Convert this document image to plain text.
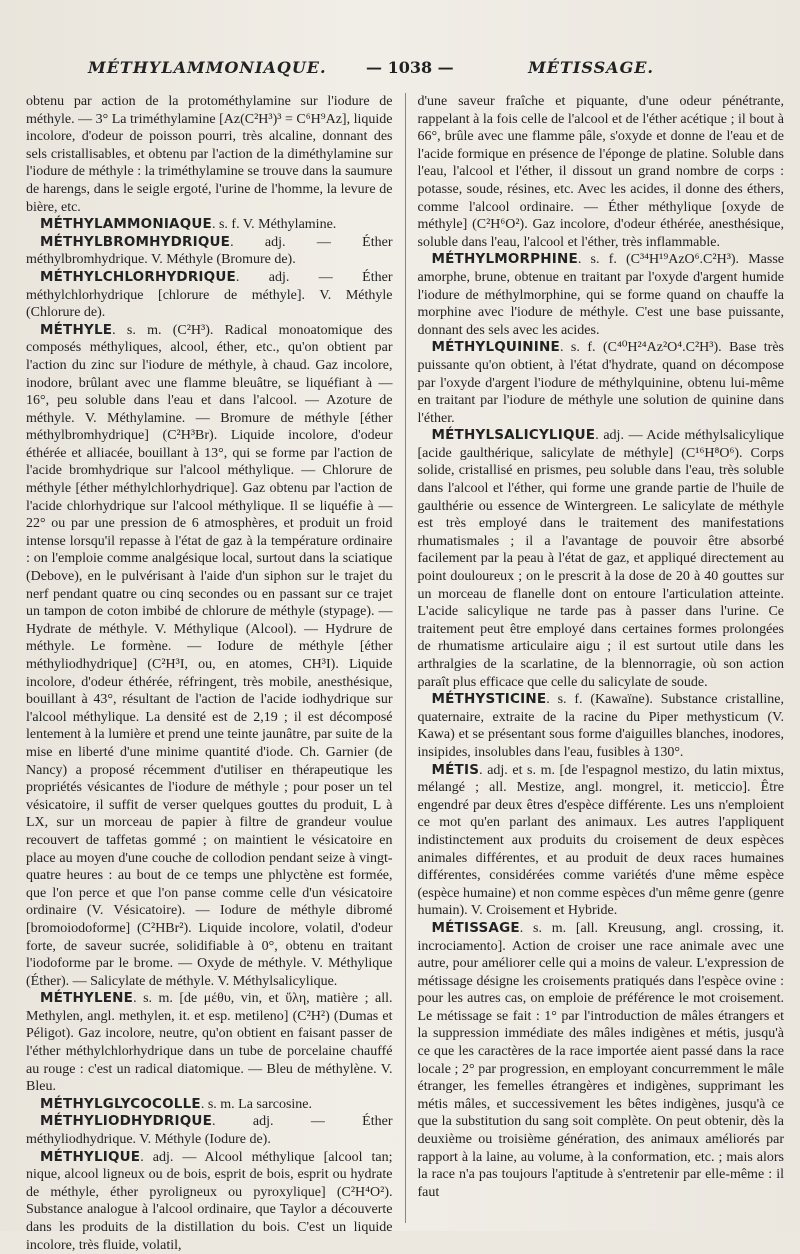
MÉTHYLAMMONIAQUE. — 1038 —	MÉTISSAGE.

obtenu par action de la protométhylamine sur l'iodure de méthyle. — 3° La triméthylamine [Az(C²H³)³ = C⁶H⁹Az], liquide incolore, d'odeur de poisson pourri, très alcaline, donnant des sels cristallisables, et obtenu par l'action de la diméthylamine sur l'iodure de méthyle : la triméthylamine se trouve dans la saumure de harengs, dans le seigle ergoté, l'urine de l'homme, la levure de bière, etc.

MÉTHYLAMMONIAQUE. s. f. V. Méthylamine.

MÉTHYLBROMHYDRIQUE. adj. — Éther méthylbromhydrique. V. Méthyle (Bromure de).

MÉTHYLCHLORHYDRIQUE. adj. — Éther méthylchlorhydrique [chlorure de méthyle]. V. Méthyle (Chlorure de).

MÉTHYLE. s. m. (C²H³). Radical monoatomique des composés méthyliques, alcool, éther, etc., qu'on obtient par l'action du zinc sur l'iodure de méthyle, à chaud. Gaz incolore, inodore, brûlant avec une flamme bleuâtre, se liquéfiant à — 16°, peu soluble dans l'eau et dans l'alcool. — Azoture de méthyle. V. Méthylamine. — Bromure de méthyle [éther méthylbromhydrique] (C²H³Br). Liquide incolore, d'odeur éthérée et alliacée, bouillant à 13°, qui se forme par l'action de l'acide bromhydrique sur l'alcool méthylique. — Chlorure de méthyle [éther méthylchlorhydrique]. Gaz obtenu par l'action de l'acide chlorhydrique sur l'alcool méthylique. Il se liquéfie à — 22° ou par une pression de 6 atmosphères, et produit un froid intense lorsqu'il repasse à l'état de gaz à la température ordinaire : on l'emploie comme analgésique local, surtout dans la sciatique (Debove), en le pulvérisant à l'aide d'un siphon sur le trajet du nerf pendant quatre ou cinq secondes ou en passant sur ce trajet un tampon de coton imbibé de chlorure de méthyle (stypage). — Hydrate de méthyle. V. Méthylique (Alcool). — Hydrure de méthyle. Le formène. — Iodure de méthyle [éther méthyliodhydrique] (C²H³I, ou, en atomes, CH³I). Liquide incolore, d'odeur éthérée, réfringent, très mobile, anesthésique, bouillant à 43°, résultant de l'action de l'acide iodhydrique sur l'alcool méthylique. La densité est de 2,19 ; il est décomposé lentement à la lumière et prend une teinte jaunâtre, par suite de la mise en liberté d'une minime quantité d'iode. Ch. Garnier (de Nancy) a proposé récemment d'utiliser en thérapeutique les propriétés vésicantes de l'iodure de méthyle ; pour poser un tel vésicatoire, il suffit de verser quelques gouttes du produit, L à LX, sur un morceau de papier à filtre de grandeur voulue recouvert de taffetas gommé ; on maintient le vésicatoire en place au moyen d'une couche de collodion pendant seize à vingt-quatre heures : au bout de ce temps une phlyctène est formée, que l'on perce et que l'on panse comme celle d'un vésicatoire ordinaire (V. Vésicatoire). — Iodure de méthyle dibromé [bromoiodoforme] (C²HBr²). Liquide incolore, volatil, d'odeur forte, de saveur sucrée, solidifiable à 0°, obtenu en traitant l'iodoforme par le brome. — Oxyde de méthyle. V. Méthylique (Éther). — Salicylate de méthyle. V. Méthylsalicylique.

MÉTHYLENE. s. m. [de μέθυ, vin, et ὕλη, matière ; all. Methylen, angl. methylen, it. et esp. metileno] (C²H²) (Dumas et Péligot). Gaz incolore, neutre, qu'on obtient en faisant passer de l'éther méthylchlorhydrique dans un tube de porcelaine chauffé au rouge : c'est un radical diatomique. — Bleu de méthylène. V. Bleu.

MÉTHYLGLYCOCOLLE. s. m. La sarcosine.

MÉTHYLIODHYDRIQUE. adj. — Éther méthyliodhydrique. V. Méthyle (Iodure de).

MÉTHYLIQUE. adj. — Alcool méthylique [alcool tan; nique, alcool ligneux ou de bois, esprit de bois, esprit ou hydrate de méthyle, éther pyroligneux ou pyroxylique] (C²H⁴O²). Substance analogue à l'alcool ordinaire, que Taylor a découverte dans les produits de la distillation du bois. C'est un liquide incolore, très fluide, volatil,

d'une saveur fraîche et piquante, d'une odeur pénétrante, rappelant à la fois celle de l'alcool et de l'éther acétique ; il bout à 66°, brûle avec une flamme pâle, s'oxyde et donne de l'eau et de l'acide formique en présence de l'éponge de platine. Soluble dans l'eau, l'alcool et l'éther, il dissout un grand nombre de corps : potasse, soude, résines, etc. Avec les acides, il donne des éthers, comme l'alcool ordinaire. — Éther méthylique [oxyde de méthyle] (C²H⁶O²). Gaz incolore, d'odeur éthérée, anesthésique, soluble dans l'eau, l'alcool et l'éther, très inflammable.

MÉTHYLMORPHINE. s. f. (C³⁴H¹⁹AzO⁶.C²H³). Masse amorphe, brune, obtenue en traitant par l'oxyde d'argent humide l'iodure de méthylmorphine, qui se forme quand on chauffe la morphine avec l'iodure de méthyle. C'est une base puissante, donnant des sels avec les acides.

MÉTHYLQUININE. s. f. (C⁴⁰H²⁴Az²O⁴.C²H³). Base très puissante qu'on obtient, à l'état d'hydrate, quand on décompose par l'oxyde d'argent l'iodure de méthylquinine, obtenu lui-même en traitant par l'iodure de méthyle une solution de quinine dans l'éther.

MÉTHYLSALICYLIQUE. adj. — Acide méthylsalicylique [acide gaulthérique, salicylate de méthyle] (C¹⁶H⁸O⁶). Corps solide, cristallisé en prismes, peu soluble dans l'eau, très soluble dans l'alcool et l'éther, qui forme une grande partie de l'huile de gaulthérie ou essence de Wintergreen. Le salicylate de méthyle est très employé dans le traitement des manifestations rhumatismales ; il a l'avantage de pouvoir être absorbé facilement par la peau à l'état de gaz, et appliqué directement au point douloureux ; on le prescrit à la dose de 20 à 40 gouttes sur un morceau de flanelle dont on entoure l'articulation atteinte. L'acide salicylique ne tarde pas à passer dans l'urine. Ce traitement peut être employé dans certaines formes prolongées de rhumatisme articulaire aigu ; il est surtout utile dans les arthralgies de la scarlatine, de la blennorragie, où son action paraît plus efficace que celle du salicylate de soude.

MÉTHYSTICINE. s. f. (Kawaïne). Substance cristalline, quaternaire, extraite de la racine du Piper methysticum (V. Kawa) et se présentant sous forme d'aiguilles blanches, inodores, insipides, insolubles dans l'eau, fusibles à 130°.

MÉTIS. adj. et s. m. [de l'espagnol mestizo, du latin mixtus, mélangé ; all. Mestize, angl. mongrel, it. meticcio]. Être engendré par deux êtres d'espèce différente. Les uns n'emploient ce mot qu'en parlant des animaux. Les autres l'appliquent indistinctement aux produits du croisement de deux espèces animales différentes, et au produit de deux races humaines différentes, considérées comme variétés d'une même espèce (espèce humaine) et non comme espèces d'un même genre (genre humain). V. Croisement et Hybride.

MÉTISSAGE. s. m. [all. Kreusung, angl. crossing, it. incrociamento]. Action de croiser une race animale avec une autre, pour améliorer celle qui a moins de valeur. L'expression de métissage désigne les croisements pratiqués dans l'espèce ovine : pour les autres cas, on emploie de préférence le mot croisement. Le métissage se fait : 1° par l'introduction de mâles étrangers et la suppression immédiate des mâles indigènes et métis, jusqu'à ce que les caractères de la race importée aient passé dans la race locale ; 2° par progression, en employant concurremment le mâle étranger, les femelles étrangères et indigènes, supprimant les métis mâles, et successivement les bêtes indigènes, jusqu'à ce que la substitution du sang soit complète. On peut obtenir, dès la deuxième ou troisième génération, des animaux améliorés par rapport à la laine, au volume, à la conformation, etc. ; mais alors la race n'a pas toujours l'aptitude à s'entretenir par elle-même : il faut
